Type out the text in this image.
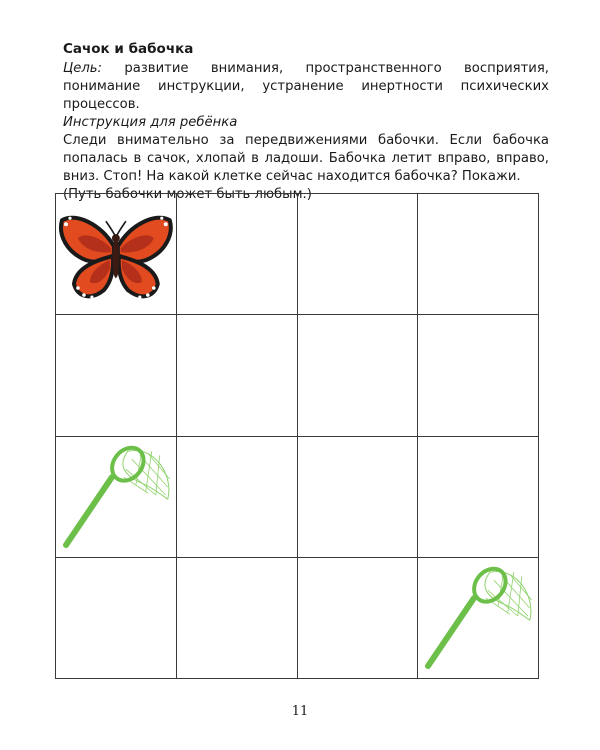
Сачок и бабочка

Цель: развитие внимания, пространственного восприятия, понимание инструкции, устранение инертности психических процессов.

Инструкция для ребёнка

Следи внимательно за передвижениями бабочки. Если бабочка попалась в сачок, хлопай в ладоши. Бабочка летит вправо, вправо, вниз. Стоп! На какой клетке сейчас находится бабочка? Покажи.

(Путь бабочки может быть любым.)

11
